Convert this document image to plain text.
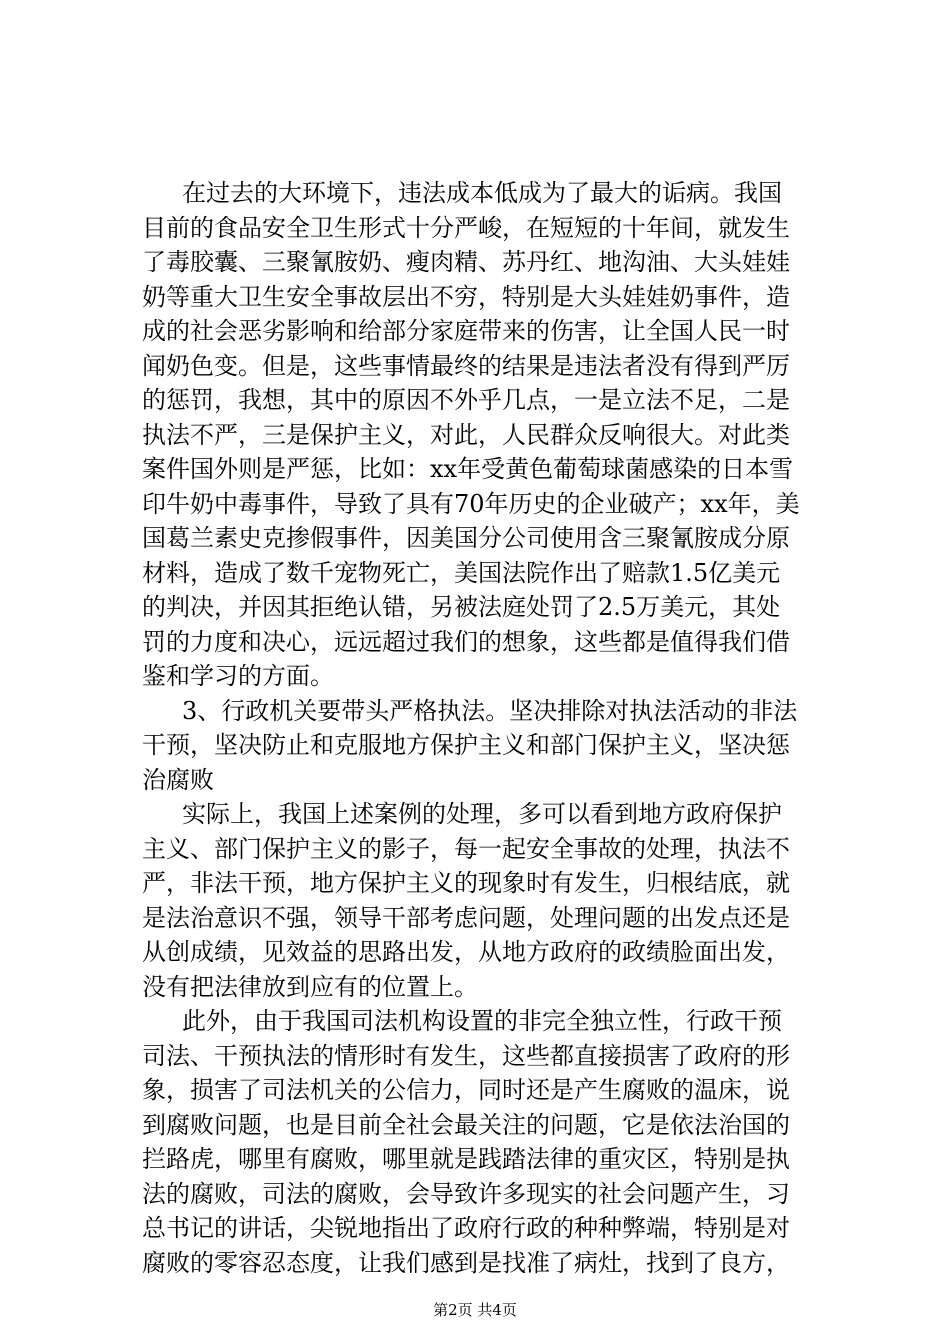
在过去的大环境下，违法成本低成为了最大的诟病。我国
目前的食品安全卫生形式十分严峻，在短短的十年间，就发生
了毒胶囊、三聚氰胺奶、瘦肉精、苏丹红、地沟油、大头娃娃
奶等重大卫生安全事故层出不穷，特别是大头娃娃奶事件，造
成的社会恶劣影响和给部分家庭带来的伤害，让全国人民一时
闻奶色变。但是，这些事情最终的结果是违法者没有得到严厉
的惩罚，我想，其中的原因不外乎几点，一是立法不足，二是
执法不严，三是保护主义，对此，人民群众反响很大。对此类
案件国外则是严惩，比如：xx年受黄色葡萄球菌感染的日本雪
印牛奶中毒事件，导致了具有70年历史的企业破产；xx年，美
国葛兰素史克掺假事件，因美国分公司使用含三聚氰胺成分原
材料，造成了数千宠物死亡，美国法院作出了赔款1.5亿美元
的判决，并因其拒绝认错，另被法庭处罚了2.5万美元，其处
罚的力度和决心，远远超过我们的想象，这些都是值得我们借
鉴和学习的方面。
3、行政机关要带头严格执法。坚决排除对执法活动的非法
干预，坚决防止和克服地方保护主义和部门保护主义，坚决惩
治腐败
实际上，我国上述案例的处理，多可以看到地方政府保护
主义、部门保护主义的影子，每一起安全事故的处理，执法不
严，非法干预，地方保护主义的现象时有发生，归根结底，就
是法治意识不强，领导干部考虑问题，处理问题的出发点还是
从创成绩，见效益的思路出发，从地方政府的政绩脸面出发，
没有把法律放到应有的位置上。
此外，由于我国司法机构设置的非完全独立性，行政干预
司法、干预执法的情形时有发生，这些都直接损害了政府的形
象，损害了司法机关的公信力，同时还是产生腐败的温床，说
到腐败问题，也是目前全社会最关注的问题，它是依法治国的
拦路虎，哪里有腐败，哪里就是践踏法律的重灾区，特别是执
法的腐败，司法的腐败，会导致许多现实的社会问题产生，习
总书记的讲话，尖锐地指出了政府行政的种种弊端，特别是对
腐败的零容忍态度，让我们感到是找准了病灶，找到了良方，
第2页 共4页
